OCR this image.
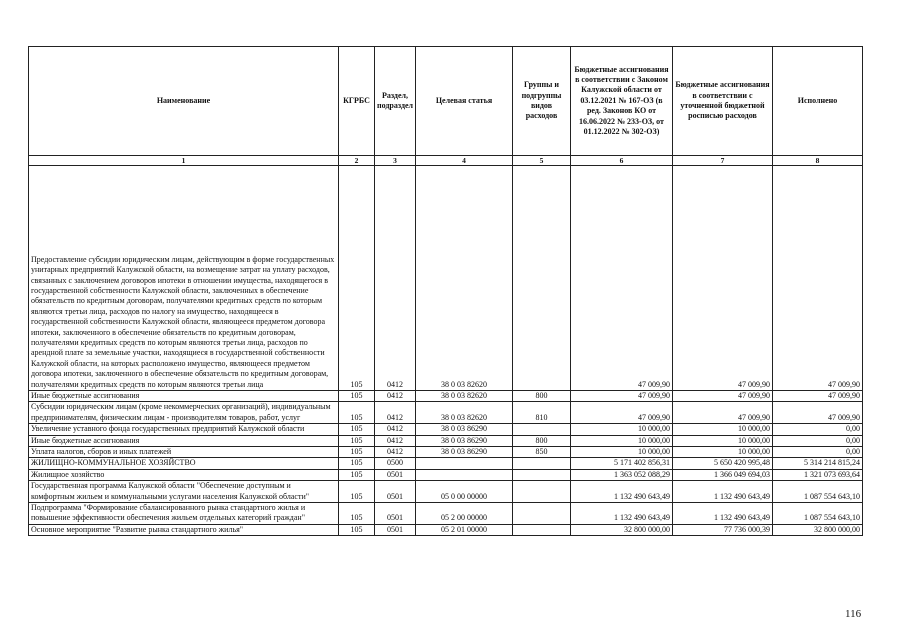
Наименование	КГРБС	Раздел, подраздел	Целевая статья	Группы и подгруппы видов расходов	Бюджетные ассигнования в соответствии с Законом Калужской области от 03.12.2021 № 167-ОЗ (в ред. Законов КО от 16.06.2022 № 233-ОЗ, от 01.12.2022 № 302-ОЗ)	Бюджетные ассигнования в соответствии с уточненной бюджетной росписью расходов	Исполнено
1	2	3	4	5	6	7	8
Предоставление субсидии юридическим лицам, действующим в форме государственных унитарных предприятий Калужской области, на возмещение затрат на уплату расходов, связанных с заключением договоров ипотеки в отношении имущества, находящегося в государственной собственности Калужской области, заключенных в обеспечение обязательств по кредитным договорам, получателями кредитных средств по которым являются третьи лица, расходов по налогу на имущество, находящееся в государственной собственности Калужской области, являющееся предметом договора ипотеки, заключенного в обеспечение обязательств по кредитным договорам, получателями кредитных средств по которым являются третьи лица, расходов по арендной плате за земельные участки, находящиеся в государственной собственности Калужской области, на которых расположено имущество, являющееся предметом договора ипотеки, заключенного в обеспечение обязательств по кредитным договорам, получателями кредитных средств по которым являются третьи лица	105	0412	38 0 03 82620		47 009,90	47 009,90	47 009,90
Иные бюджетные ассигнования	105	0412	38 0 03 82620	800	47 009,90	47 009,90	47 009,90
Субсидии юридическим лицам (кроме некоммерческих организаций), индивидуальным предпринимателям, физическим лицам - производителям товаров, работ, услуг	105	0412	38 0 03 82620	810	47 009,90	47 009,90	47 009,90
Увеличение уставного фонда государственных предприятий Калужской области	105	0412	38 0 03 86290		10 000,00	10 000,00	0,00
Иные бюджетные ассигнования	105	0412	38 0 03 86290	800	10 000,00	10 000,00	0,00
Уплата налогов, сборов и иных платежей	105	0412	38 0 03 86290	850	10 000,00	10 000,00	0,00
ЖИЛИЩНО-КОММУНАЛЬНОЕ ХОЗЯЙСТВО	105	0500			5 171 402 856,31	5 650 420 995,48	5 314 214 815,24
Жилищное хозяйство	105	0501			1 363 052 088,29	1 366 049 694,03	1 321 073 693,64
Государственная программа Калужской области "Обеспечение доступным и комфортным жильем и коммунальными услугами населения Калужской области"	105	0501	05 0 00 00000		1 132 490 643,49	1 132 490 643,49	1 087 554 643,10
Подпрограмма "Формирование сбалансированного рынка стандартного жилья и повышение эффективности обеспечения жильем отдельных категорий граждан"	105	0501	05 2 00 00000		1 132 490 643,49	1 132 490 643,49	1 087 554 643,10
Основное мероприятие "Развитие рынка стандартного жилья"	105	0501	05 2 01 00000		32 800 000,00	77 736 000,39	32 800 000,00
116
